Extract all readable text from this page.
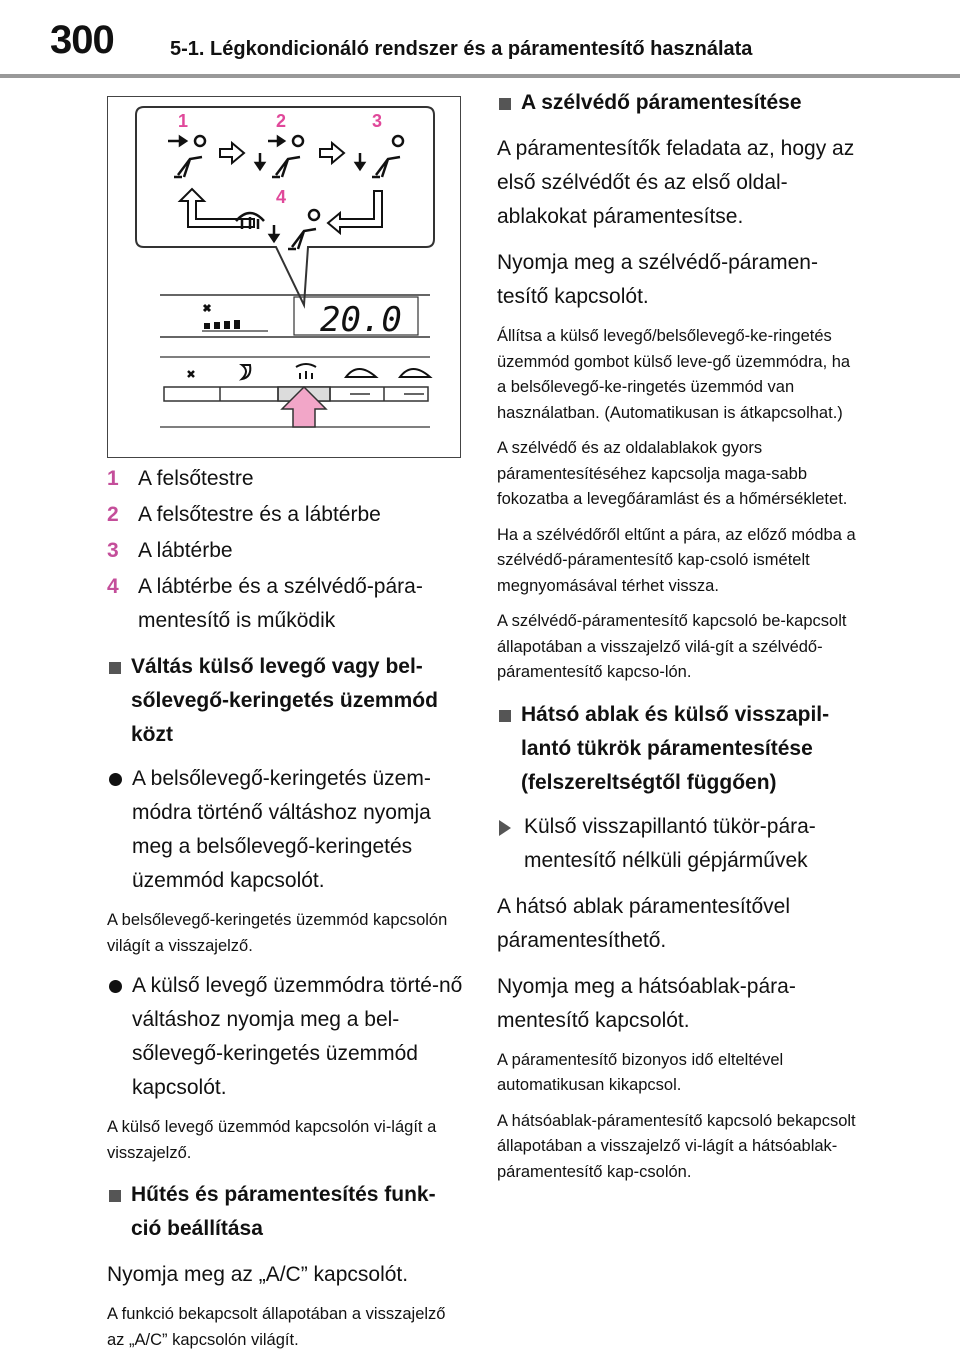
300	5-1. Légkondicionáló rendszer és a páramentesítő használata
20.0
1	2	3
4
1 A felsőtestre
2 A felsőtestre és a lábtérbe
3 A lábtérbe
4 A lábtérbe és a szélvédő-pára-mentesítő is működik
Váltás külső levegő vagy bel-sőlevegő-keringetés üzemmód közt
A belsőlevegő-keringetés üzem-módra történő váltáshoz nyomja meg a belsőlevegő-keringetés üzemmód kapcsolót.
A belsőlevegő-keringetés üzemmód kapcsolón világít a visszajelző.
A külső levegő üzemmódra törté-nő váltáshoz nyomja meg a bel-sőlevegő-keringetés üzemmód kapcsolót.
A külső levegő üzemmód kapcsolón vi-lágít a visszajelző.
Hűtés és páramentesítés funk-ció beállítása
Nyomja meg az „A/C” kapcsolót.
A funkció bekapcsolt állapotában a visszajelző az „A/C” kapcsolón világít.
A szélvédő páramentesítése
A páramentesítők feladata az, hogy az első szélvédőt és az első oldal-ablakokat páramentesítse.
Nyomja meg a szélvédő-páramen-tesítő kapcsolót.
Állítsa a külső levegő/belsőlevegő-ke-ringetés üzemmód gombot külső leve-gő üzemmódra, ha a belsőlevegő-ke-ringetés üzemmód van használatban. (Automatikusan is átkapcsolhat.)
A szélvédő és az oldalablakok gyors páramentesítéséhez kapcsolja maga-sabb fokozatba a levegőáramlást és a hőmérsékletet.
Ha a szélvédőről eltűnt a pára, az előző módba a szélvédő-páramentesítő kap-csoló ismételt megnyomásával térhet vissza.
A szélvédő-páramentesítő kapcsoló be-kapcsolt állapotában a visszajelző vilá-gít a szélvédő-páramentesítő kapcso-lón.
Hátsó ablak és külső visszapil-lantó tükrök páramentesítése (felszereltségtől függően)
Külső visszapillantó tükör-pára-mentesítő nélküli gépjárművek
A hátsó ablak páramentesítővel páramentesíthető.
Nyomja meg a hátsóablak-pára-mentesítő kapcsolót.
A páramentesítő bizonyos idő elteltével automatikusan kikapcsol.
A hátsóablak-páramentesítő kapcsoló bekapcsolt állapotában a visszajelző vi-lágít a hátsóablak-páramentesítő kap-csolón.
